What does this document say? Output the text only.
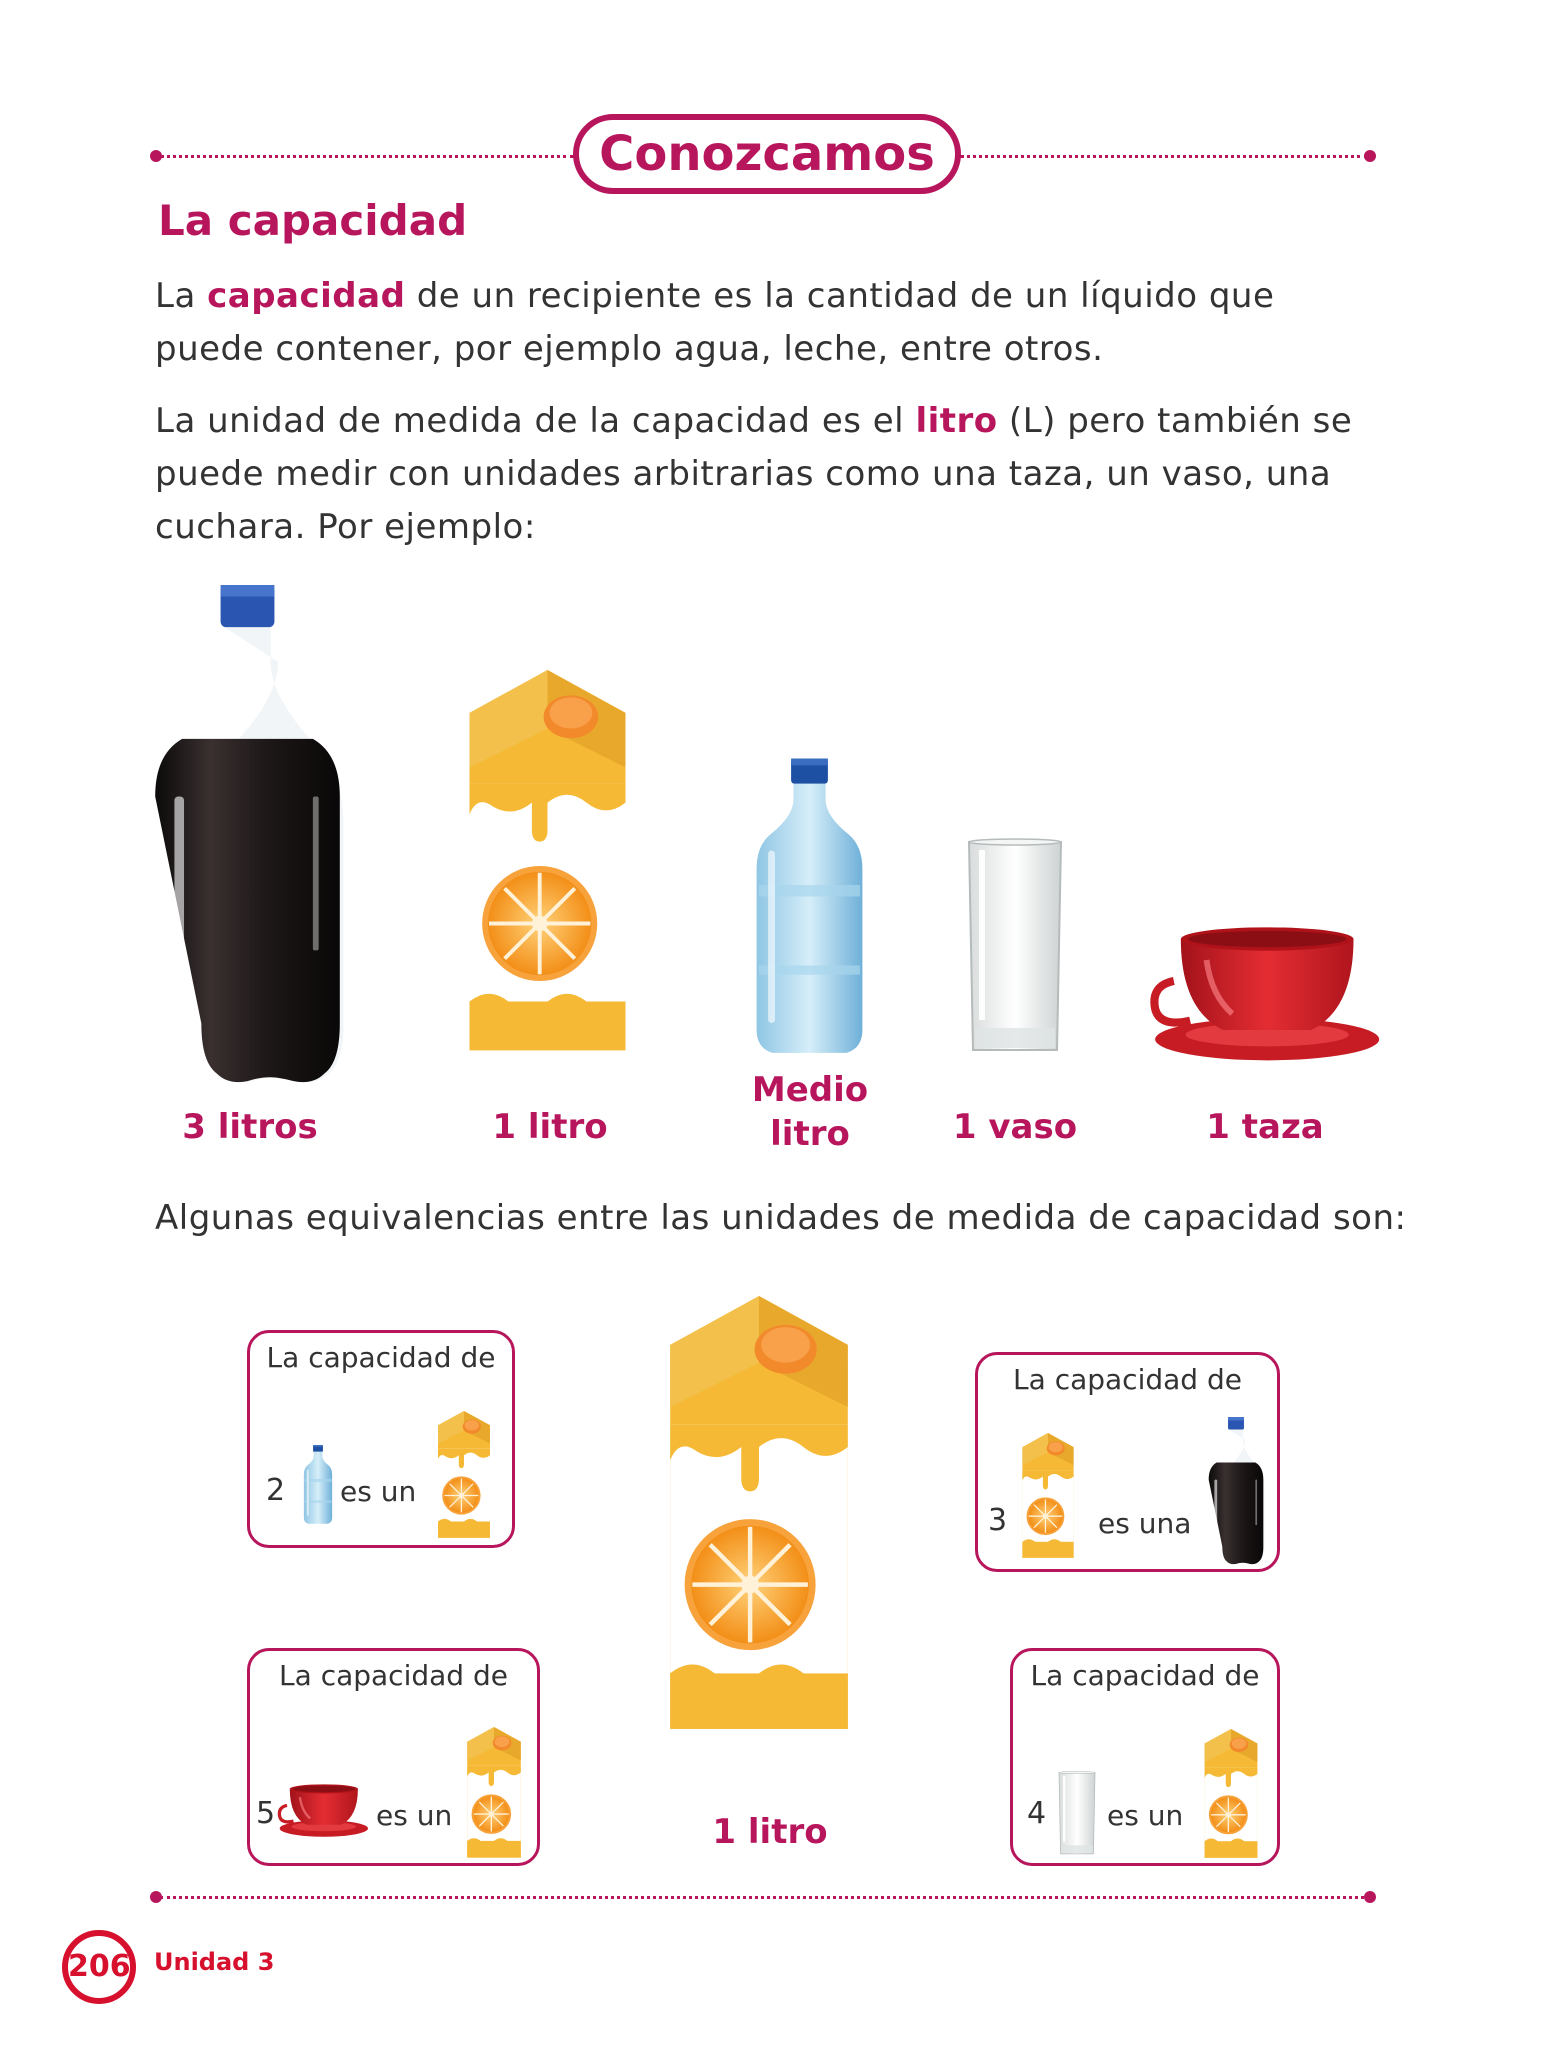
Conozcamos
La capacidad
La capacidad de un recipiente es la cantidad de un líquido que puede contener, por ejemplo agua, leche, entre otros.
La unidad de medida de la capacidad es el litro (L) pero también se puede medir con unidades arbitrarias como una taza, un vaso, una cuchara. Por ejemplo:
3 litros	1 litro
Medio
litro	1 vaso	1 taza
Algunas equivalencias entre las unidades de medida de capacidad son:
1 litro
La capacidad de
2 es un
La capacidad de
3	es una
La capacidad de
5	es un
La capacidad de
4 es un
206 Unidad 3
